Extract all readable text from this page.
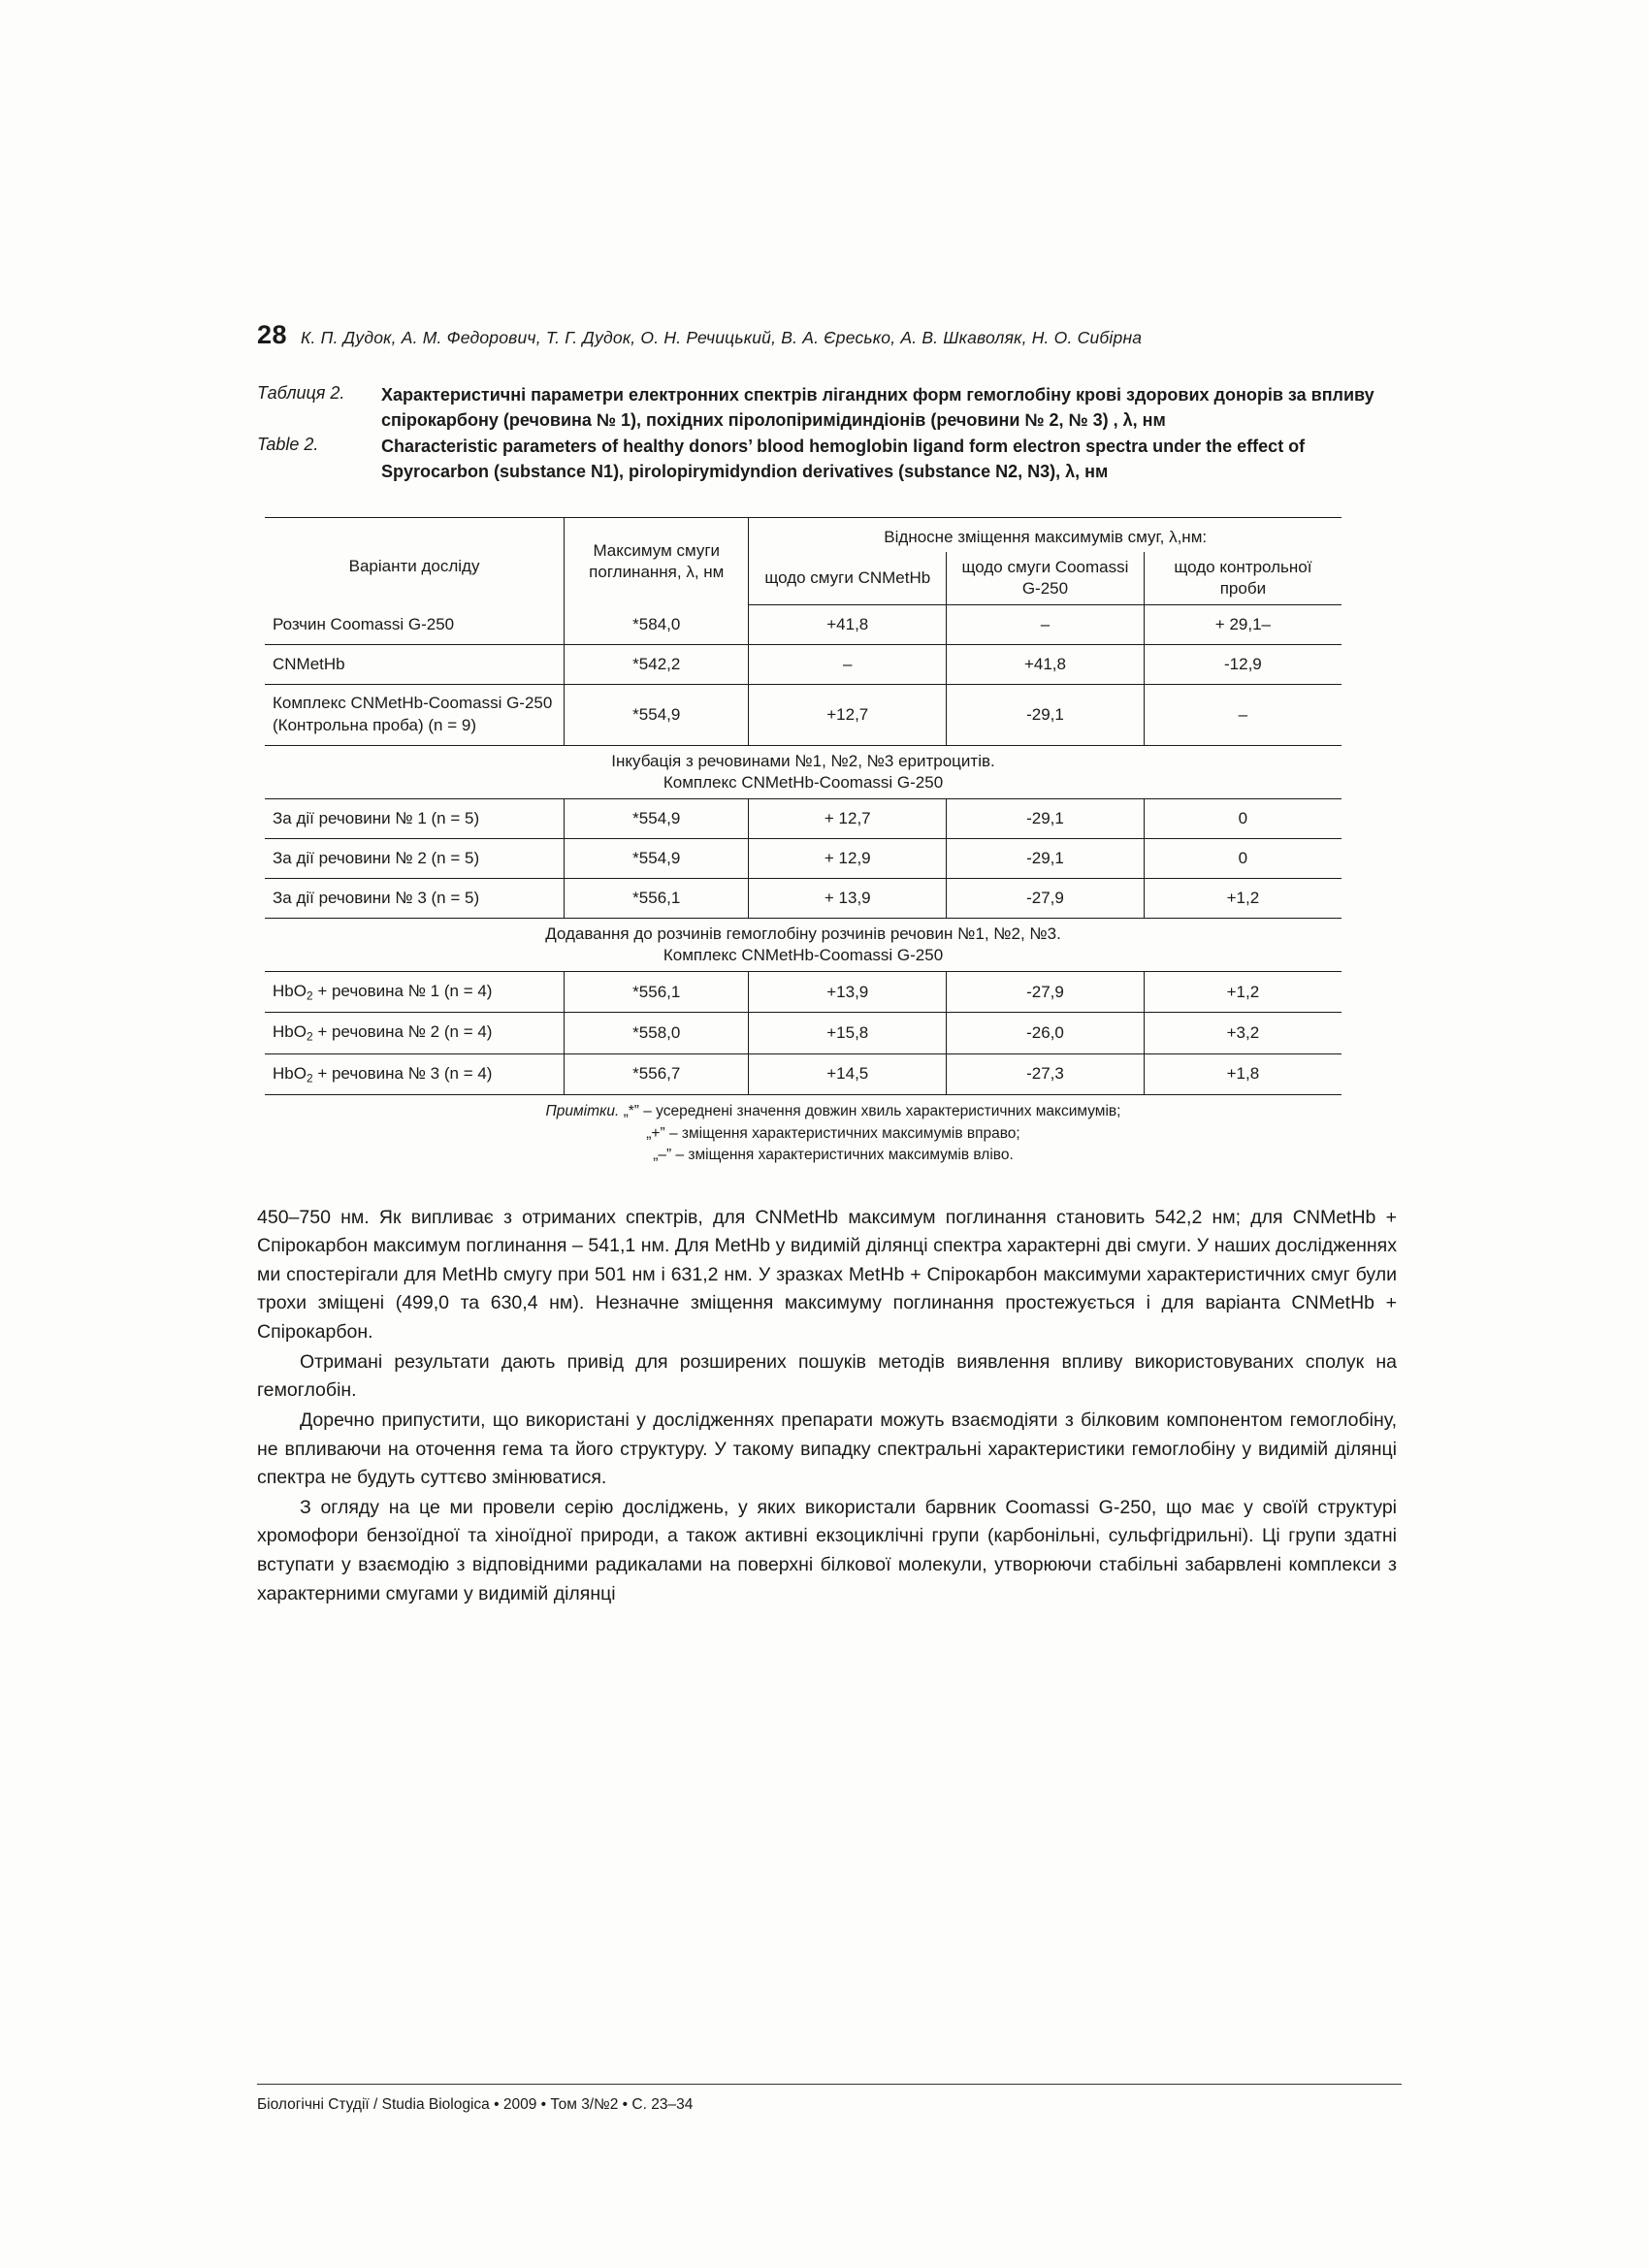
28 К. П. Дудок, А. М. Федорович, Т. Г. Дудок, О. Н. Речицький, В. А. Єресько, А. В. Шкаволяк, Н. О. Сибірна
Таблиця 2.	Характеристичні параметри електронних спектрів лігандних форм гемоглобіну крові здорових донорів за впливу спірокарбону (речовина № 1), похідних піролопіримідиндіонів (речовини № 2, № 3) , λ, нм
Table 2.	Characteristic parameters of healthy donors’ blood hemoglobin ligand form electron spectra under the effect of Spyrocarbon (substance N1), pirolopirymidyndion derivatives (substance N2, N3), λ, нм
Варіанти досліду	Максимум смуги поглинання, λ, нм	Відносне зміщення максимумів смуг, λ,нм:		
		щодо смуги CNMetHb	щодо смуги Coomassi G-250	щодо контрольної проби
Розчин Coomassi G-250	*584,0	+41,8	–	+ 29,1–
CNMetHb	*542,2	–	+41,8	-12,9
Комплекс CNMetHb-Coomassi G-250 (Контрольна проба) (n = 9)	*554,9	+12,7	-29,1	–

Інкубація з речовинами №1, №2, №3 еритроцитів.
Комплекс CNMetHb-Coomassi G-250				

За дії речовини № 1 (n = 5)	*554,9	+ 12,7	-29,1	0
За дії речовини № 2 (n = 5)	*554,9	+ 12,9	-29,1	0
За дії речовини № 3 (n = 5)	*556,1	+ 13,9	-27,9	+1,2

Додавання до розчинів гемоглобіну розчинів речовин №1, №2, №3.
Комплекс CNMetHb-Coomassi G-250				

HbO$_2$ + речовина № 1 (n = 4)	*556,1	+13,9	-27,9	+1,2
HbO$_2$ + речовина № 2 (n = 4)	*558,0	+15,8	-26,0	+3,2
HbO$_2$ + речовина № 3 (n = 4)	*556,7	+14,5	-27,3	+1,8
Примітки. „*” – усереднені значення довжин хвиль характеристичних максимумів;
„+” – зміщення характеристичних максимумів вправо;
„–” – зміщення характеристичних максимумів вліво.

450–750 нм. Як випливає з отриманих спектрів, для CNMetHb максимум поглинання становить 542,2 нм; для CNMetHb + Спірокарбон максимум поглинання – 541,1 нм. Для MetHb у видимій ділянці спектра характерні дві смуги. У наших дослідженнях ми спостерігали для MetHb смугу при 501 нм і 631,2 нм. У зразках MetHb + Спірокарбон максимуми характеристичних смуг були трохи зміщені (499,0 та 630,4 нм). Незначне зміщення максимуму поглинання простежується і для варіанта CNMetHb + Спірокарбон.

Отримані результати дають привід для розширених пошуків методів виявлення впливу використовуваних сполук на гемоглобін.

Доречно припустити, що використані у дослідженнях препарати можуть взаємодіяти з білковим компонентом гемоглобіну, не впливаючи на оточення гема та його структуру. У такому випадку спектральні характеристики гемоглобіну у видимій ділянці спектра не будуть суттєво змінюватися.

З огляду на це ми провели серію досліджень, у яких використали барвник Coomassi G-250, що має у своїй структурі хромофори бензоїдної та хіноїдної природи, а також активні екзоциклічні групи (карбонільні, сульфгідрильні). Ці групи здатні вступати у взаємодію з відповідними радикалами на поверхні білкової молекули, утворюючи стабільні забарвлені комплекси з характерними смугами у видимій ділянці

Біологічні Студії / Studia Biologica • 2009 • Том 3/№2 • С. 23–34
